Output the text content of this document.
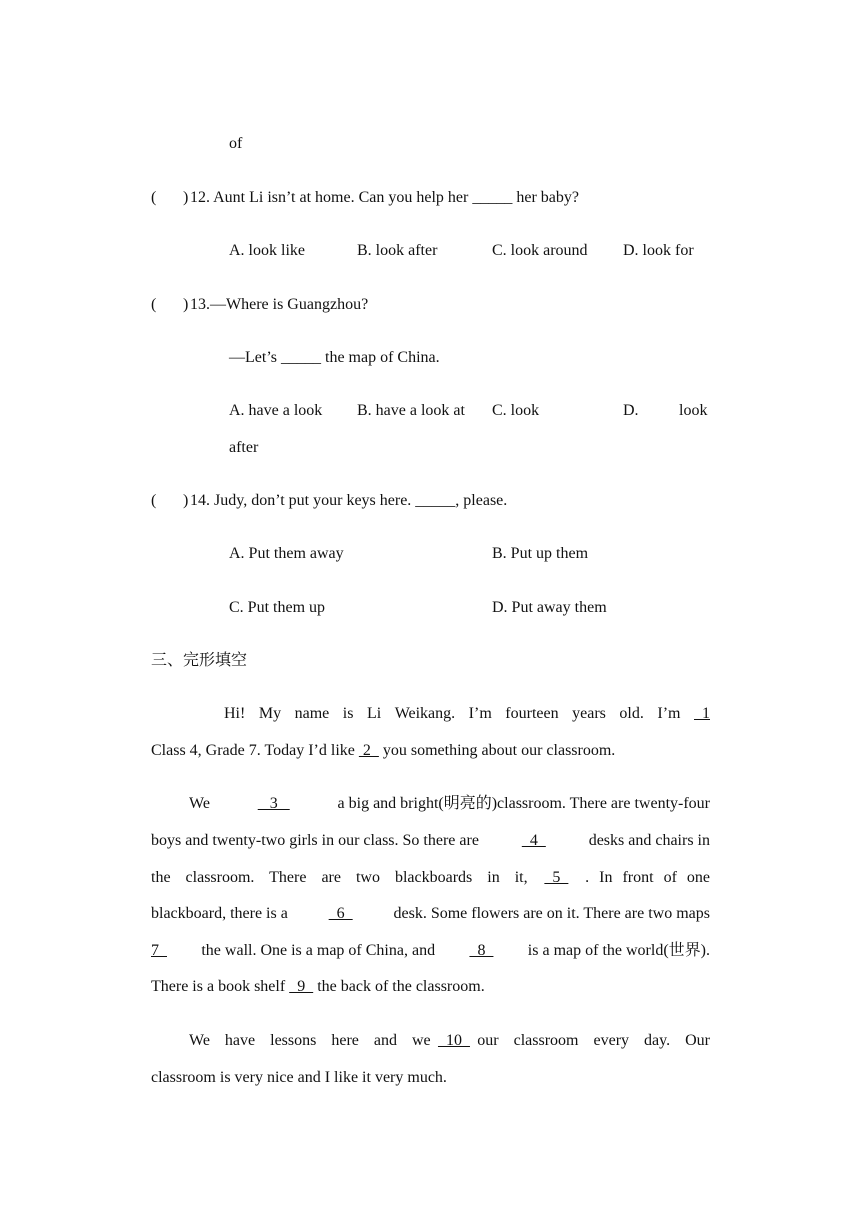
of
( ) 12. Aunt Li isn’t at home. Can you help her _____ her baby?
A. look like	B. look after	C. look around D. look for
( ) 13.—Where is Guangzhou?
—Let’s _____ the map of China.
A. have a look B. have a look at C. look	D.	look
after
( ) 14. Judy, don’t put your keys here. _____, please.
A. Put them away	B. Put up them
C. Put them up	D. Put away them
三、完形填空
Hi! My name is Li Weikang. I’m fourteen years old. I’m 1
Class 4, Grade 7. Today I’d like  2   you something about our classroom.
We	3	a big and bright(明亮的)classroom. There are twenty-four
boys and twenty-two girls in our class. So there are 4 desks and chairs in
the classroom. There are two blackboards in it, 5 . In front of one
blackboard, there is a 6 desk. Some flowers are on it. There are two maps
7 the wall. One is a map of China, and 8 is a map of the world(世界).
There is a book shelf   9   the back of the classroom.
We have lessons here and we 10 our classroom every day. Our
classroom is very nice and I like it very much.
